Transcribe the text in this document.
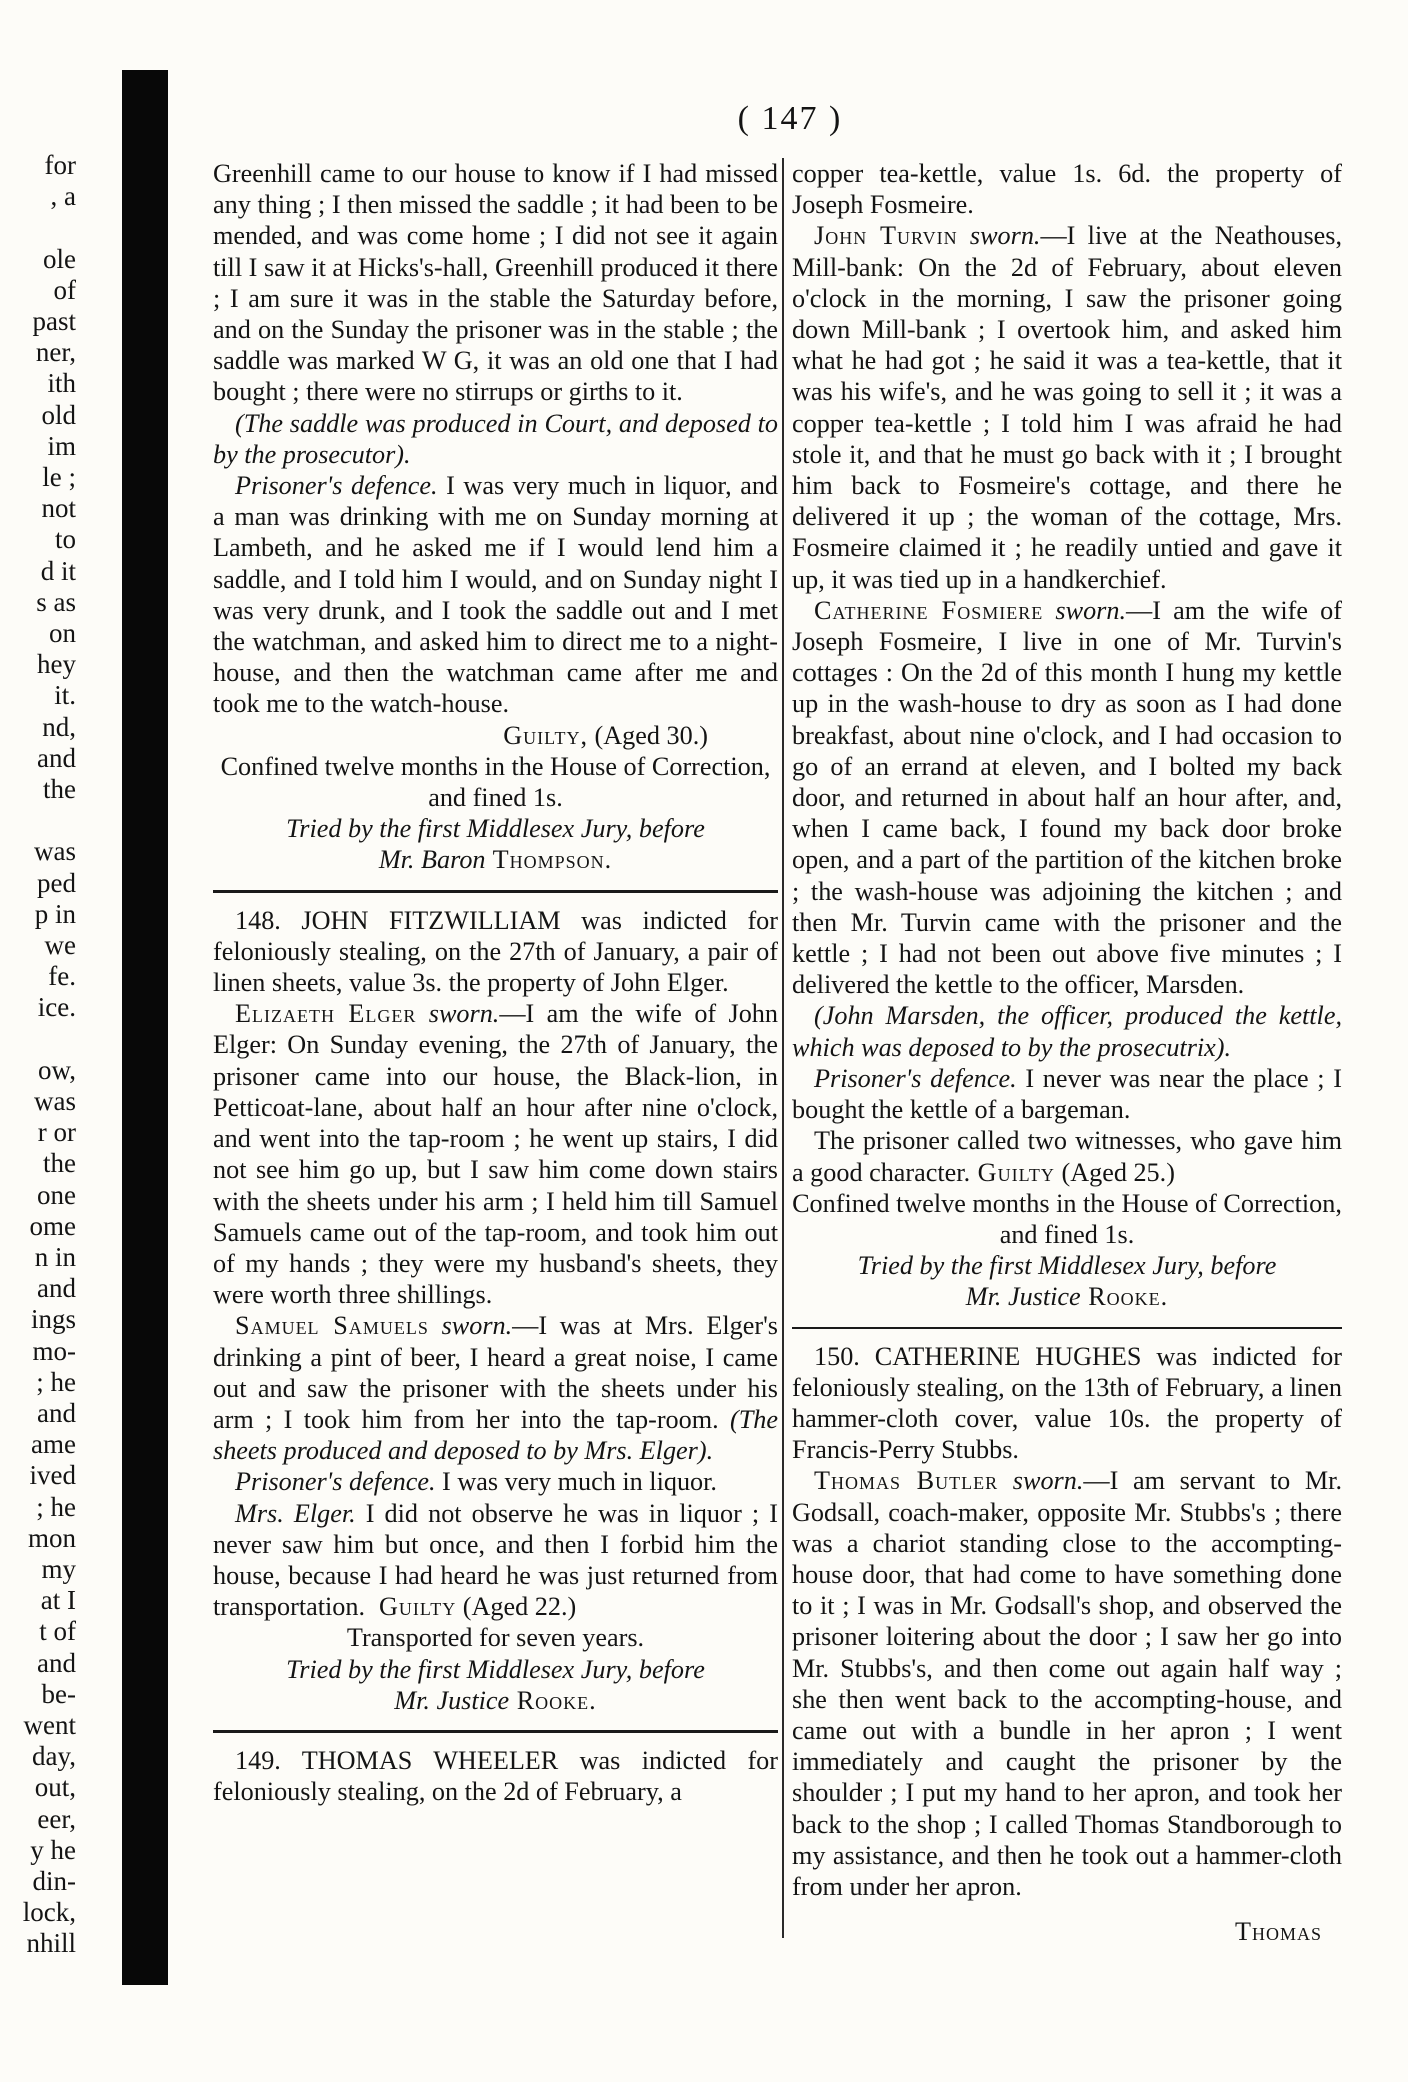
for
, a
ole
of
past
ner,
ith
old
im
le ;
not
to
d it
s as
on
hey
it.
nd,
and
the
was
ped
p in
we
fe.
ice.
ow,
was
r or
the
one
ome
n in
and
ings
mo-
; he
and
ame
ived
; he
mon
my
at I
t of
and
be-
went
day,
out,
eer,
y he
din-
lock,
nhill
( 147 )

Greenhill came to our house to know if I had missed any thing ; I then missed the saddle ; it had been to be mended, and was come home ; I did not see it again till I saw it at Hicks's-hall, Greenhill produced it there ; I am sure it was in the stable the Saturday before, and on the Sunday the prisoner was in the stable ; the saddle was marked W G, it was an old one that I had bought ; there were no stirrups or girths to it.

(The saddle was produced in Court, and deposed to by the prosecutor).

Prisoner's defence. I was very much in liquor, and a man was drinking with me on Sunday morning at Lambeth, and he asked me if I would lend him a saddle, and I told him I would, and on Sunday night I was very drunk, and I took the saddle out and I met the watchman, and asked him to direct me to a night-house, and then the watchman came after me and took me to the watch-house.

Guilty, (Aged 30.)

Confined twelve months in the House of Correction, and fined 1s.

Tried by the first Middlesex Jury, before

Mr. Baron Thompson.

148. JOHN FITZWILLIAM was indicted for feloniously stealing, on the 27th of January, a pair of linen sheets, value 3s. the property of John Elger.

Elizaeth Elger sworn.—I am the wife of John Elger: On Sunday evening, the 27th of January, the prisoner came into our house, the Black-lion, in Petticoat-lane, about half an hour after nine o'clock, and went into the tap-room ; he went up stairs, I did not see him go up, but I saw him come down stairs with the sheets under his arm ; I held him till Samuel Samuels came out of the tap-room, and took him out of my hands ; they were my husband's sheets, they were worth three shillings.

Samuel Samuels sworn.—I was at Mrs. Elger's drinking a pint of beer, I heard a great noise, I came out and saw the prisoner with the sheets under his arm ; I took him from her into the tap-room. (The sheets produced and deposed to by Mrs. Elger).

Prisoner's defence. I was very much in liquor.

Mrs. Elger. I did not observe he was in liquor ; I never saw him but once, and then I forbid him the house, because I had heard he was just returned from transportation. Guilty (Aged 22.)

Transported for seven years.

Tried by the first Middlesex Jury, before

Mr. Justice Rooke.

149. THOMAS WHEELER was indicted for feloniously stealing, on the 2d of February, a

copper tea-kettle, value 1s. 6d. the property of Joseph Fosmeire.

John Turvin sworn.—I live at the Neathouses, Mill-bank: On the 2d of February, about eleven o'clock in the morning, I saw the prisoner going down Mill-bank ; I overtook him, and asked him what he had got ; he said it was a tea-kettle, that it was his wife's, and he was going to sell it ; it was a copper tea-kettle ; I told him I was afraid he had stole it, and that he must go back with it ; I brought him back to Fosmeire's cottage, and there he delivered it up ; the woman of the cottage, Mrs. Fosmeire claimed it ; he readily untied and gave it up, it was tied up in a handkerchief.

Catherine Fosmiere sworn.—I am the wife of Joseph Fosmeire, I live in one of Mr. Turvin's cottages : On the 2d of this month I hung my kettle up in the wash-house to dry as soon as I had done breakfast, about nine o'clock, and I had occasion to go of an errand at eleven, and I bolted my back door, and returned in about half an hour after, and, when I came back, I found my back door broke open, and a part of the partition of the kitchen broke ; the wash-house was adjoining the kitchen ; and then Mr. Turvin came with the prisoner and the kettle ; I had not been out above five minutes ; I delivered the kettle to the officer, Marsden.

(John Marsden, the officer, produced the kettle, which was deposed to by the prosecutrix).

Prisoner's defence. I never was near the place ; I bought the kettle of a bargeman.

The prisoner called two witnesses, who gave him a good character. Guilty (Aged 25.)

Confined twelve months in the House of Correction, and fined 1s.

Tried by the first Middlesex Jury, before

Mr. Justice Rooke.

150. CATHERINE HUGHES was indicted for feloniously stealing, on the 13th of February, a linen hammer-cloth cover, value 10s. the property of Francis-Perry Stubbs.

Thomas Butler sworn.—I am servant to Mr. Godsall, coach-maker, opposite Mr. Stubbs's ; there was a chariot standing close to the accompting-house door, that had come to have something done to it ; I was in Mr. Godsall's shop, and observed the prisoner loitering about the door ; I saw her go into Mr. Stubbs's, and then come out again half way ; she then went back to the accompting-house, and came out with a bundle in her apron ; I went immediately and caught the prisoner by the shoulder ; I put my hand to her apron, and took her back to the shop ; I called Thomas Standborough to my assistance, and then he took out a hammer-cloth from under her apron.

Thomas
